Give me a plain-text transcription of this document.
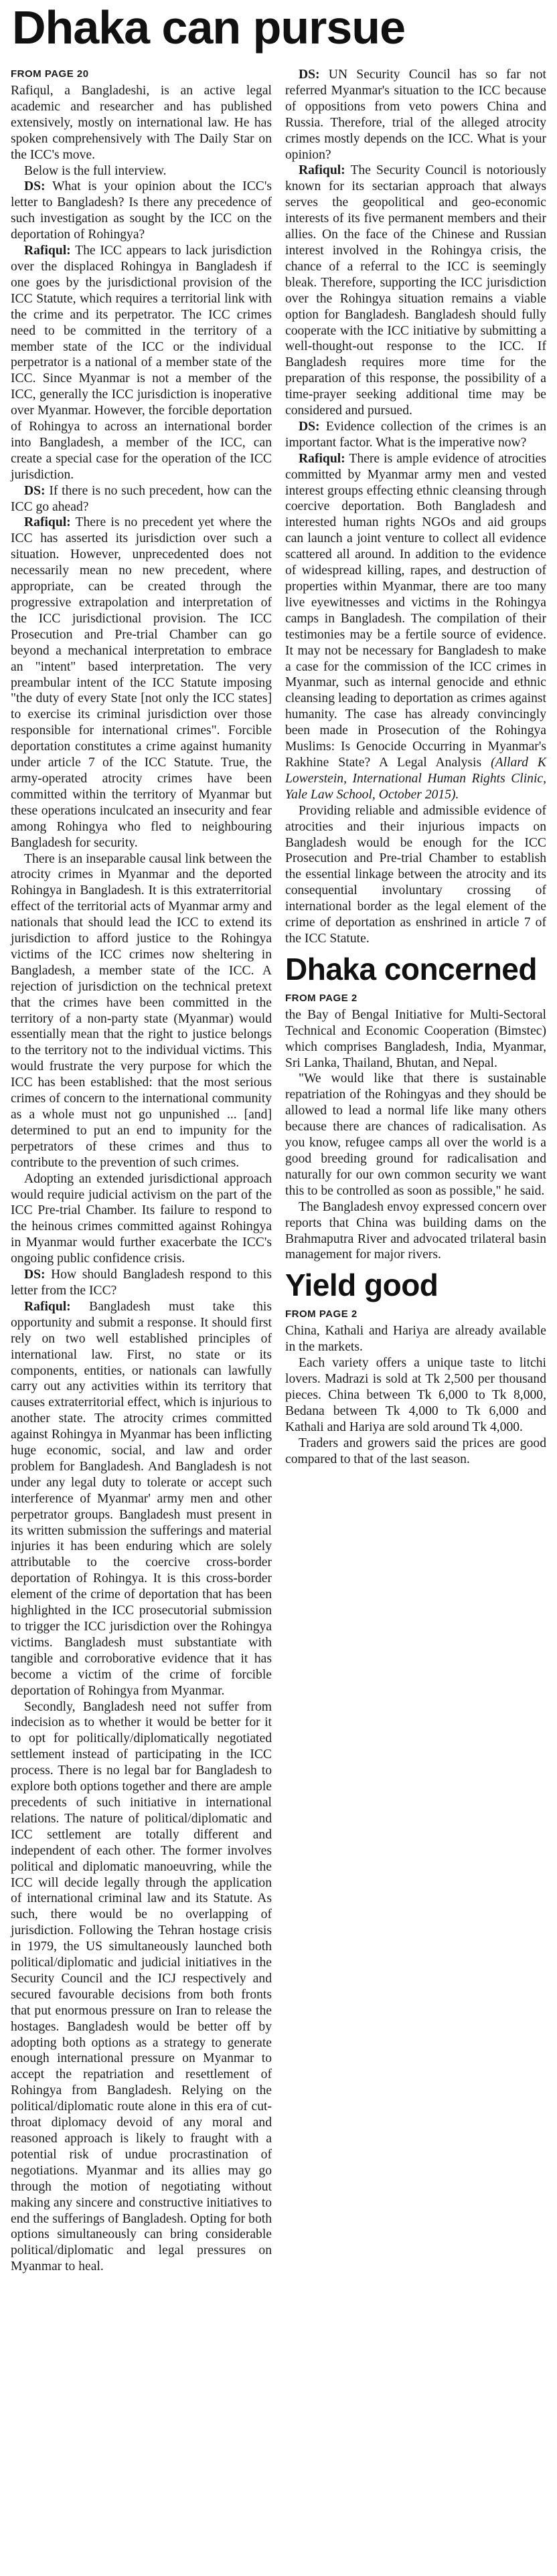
Dhaka can pursue
FROM PAGE 20

Rafiqul, a Bangladeshi, is an active legal academic and researcher and has published extensively, mostly on international law. He has spoken comprehensively with The Daily Star on the ICC's move.

Below is the full interview.

DS: What is your opinion about the ICC's letter to Bangladesh? Is there any precedence of such investigation as sought by the ICC on the deportation of Rohingya?

Rafiqul: The ICC appears to lack jurisdiction over the displaced Rohingya in Bangladesh if one goes by the jurisdictional provision of the ICC Statute, which requires a territorial link with the crime and its perpetrator. The ICC crimes need to be committed in the territory of a member state of the ICC or the individual perpetrator is a national of a member state of the ICC. Since Myanmar is not a member of the ICC, generally the ICC jurisdiction is inoperative over Myanmar. However, the forcible deportation of Rohingya to across an international border into Bangladesh, a member of the ICC, can create a special case for the operation of the ICC jurisdiction.

DS: If there is no such precedent, how can the ICC go ahead?

Rafiqul: There is no precedent yet where the ICC has asserted its jurisdiction over such a situation. However, unprecedented does not necessarily mean no new precedent, where appropriate, can be created through the progressive extrapolation and interpretation of the ICC jurisdictional provision. The ICC Prosecution and Pre-trial Chamber can go beyond a mechanical interpretation to embrace an "intent" based interpretation. The very preambular intent of the ICC Statute imposing "the duty of every State [not only the ICC states] to exercise its criminal jurisdiction over those responsible for international crimes". Forcible deportation constitutes a crime against humanity under article 7 of the ICC Statute. True, the army-operated atrocity crimes have been committed within the territory of Myanmar but these operations inculcated an insecurity and fear among Rohingya who fled to neighbouring Bangladesh for security.

There is an inseparable causal link between the atrocity crimes in Myanmar and the deported Rohingya in Bangladesh. It is this extraterritorial effect of the territorial acts of Myanmar army and nationals that should lead the ICC to extend its jurisdiction to afford justice to the Rohingya victims of the ICC crimes now sheltering in Bangladesh, a member state of the ICC. A rejection of jurisdiction on the technical pretext that the crimes have been committed in the territory of a non-party state (Myanmar) would essentially mean that the right to justice belongs to the territory not to the individual victims. This would frustrate the very purpose for which the ICC has been established: that the most serious crimes of concern to the international community as a whole must not go unpunished ... [and] determined to put an end to impunity for the perpetrators of these crimes and thus to contribute to the prevention of such crimes.

Adopting an extended jurisdictional approach would require judicial activism on the part of the ICC Pre-trial Chamber. Its failure to respond to the heinous crimes committed against Rohingya in Myanmar would further exacerbate the ICC's ongoing public confidence crisis.

DS: How should Bangladesh respond to this letter from the ICC?

Rafiqul: Bangladesh must take this opportunity and submit a response. It should first rely on two well established principles of international law. First, no state or its components, entities, or nationals can lawfully carry out any activities within its territory that causes extraterritorial effect, which is injurious to another state. The atrocity crimes committed against Rohingya in Myanmar has been inflicting huge economic, social, and law and order problem for Bangladesh. And Bangladesh is not under any legal duty to tolerate or accept such interference of Myanmar' army men and other perpetrator groups. Bangladesh must present in its written submission the sufferings and material injuries it has been enduring which are solely attributable to the coercive cross-border deportation of Rohingya. It is this cross-border element of the crime of deportation that has been highlighted in the ICC prosecutorial submission to trigger the ICC jurisdiction over the Rohingya victims. Bangladesh must substantiate with tangible and corroborative evidence that it has become a victim of the crime of forcible deportation of Rohingya from Myanmar.

Secondly, Bangladesh need not suffer from indecision as to whether it would be better for it to opt for politically/diplomatically negotiated settlement instead of participating in the ICC process. There is no legal bar for Bangladesh to explore both options together and there are ample precedents of such initiative in international relations. The nature of political/diplomatic and ICC settlement are totally different and independent of each other. The former involves political and diplomatic manoeuvring, while the ICC will decide legally through the application of international criminal law and its Statute. As such, there would be no overlapping of jurisdiction. Following the Tehran hostage crisis in 1979, the US simultaneously launched both political/diplomatic and judicial initiatives in the Security Council and the ICJ respectively and secured favourable decisions from both fronts that put enormous pressure on Iran to release the hostages. Bangladesh would be better off by adopting both options as a strategy to generate enough international pressure on Myanmar to accept the repatriation and resettlement of Rohingya from Bangladesh. Relying on the political/diplomatic route alone in this era of cut-throat diplomacy devoid of any moral and reasoned approach is likely to fraught with a potential risk of undue procrastination of negotiations. Myanmar and its allies may go through the motion of negotiating without making any sincere and constructive initiatives to end the sufferings of Bangladesh. Opting for both options simultaneously can bring considerable political/diplomatic and legal pressures on Myanmar to heal.

DS: UN Security Council has so far not referred Myanmar's situation to the ICC because of oppositions from veto powers China and Russia. Therefore, trial of the alleged atrocity crimes mostly depends on the ICC. What is your opinion?

Rafiqul: The Security Council is notoriously known for its sectarian approach that always serves the geopolitical and geo-economic interests of its five permanent members and their allies. On the face of the Chinese and Russian interest involved in the Rohingya crisis, the chance of a referral to the ICC is seemingly bleak. Therefore, supporting the ICC jurisdiction over the Rohingya situation remains a viable option for Bangladesh. Bangladesh should fully cooperate with the ICC initiative by submitting a well-thought-out response to the ICC. If Bangladesh requires more time for the preparation of this response, the possibility of a time-prayer seeking additional time may be considered and pursued.

DS: Evidence collection of the crimes is an important factor. What is the imperative now?

Rafiqul: There is ample evidence of atrocities committed by Myanmar army men and vested interest groups effecting ethnic cleansing through coercive deportation. Both Bangladesh and interested human rights NGOs and aid groups can launch a joint venture to collect all evidence scattered all around. In addition to the evidence of widespread killing, rapes, and destruction of properties within Myanmar, there are too many live eyewitnesses and victims in the Rohingya camps in Bangladesh. The compilation of their testimonies may be a fertile source of evidence. It may not be necessary for Bangladesh to make a case for the commission of the ICC crimes in Myanmar, such as internal genocide and ethnic cleansing leading to deportation as crimes against humanity. The case has already convincingly been made in Prosecution of the Rohingya Muslims: Is Genocide Occurring in Myanmar's Rakhine State? A Legal Analysis (Allard K Lowerstein, International Human Rights Clinic, Yale Law School, October 2015).

Providing reliable and admissible evidence of atrocities and their injurious impacts on Bangladesh would be enough for the ICC Prosecution and Pre-trial Chamber to establish the essential linkage between the atrocity and its consequential involuntary crossing of international border as the legal element of the crime of deportation as enshrined in article 7 of the ICC Statute.

Dhaka concerned
FROM PAGE 2

the Bay of Bengal Initiative for Multi-Sectoral Technical and Economic Cooperation (Bimstec) which comprises Bangladesh, India, Myanmar, Sri Lanka, Thailand, Bhutan, and Nepal.

"We would like that there is sustainable repatriation of the Rohingyas and they should be allowed to lead a normal life like many others because there are chances of radicalisation. As you know, refugee camps all over the world is a good breeding ground for radicalisation and naturally for our own common security we want this to be controlled as soon as possible," he said.

The Bangladesh envoy expressed concern over reports that China was building dams on the Brahmaputra River and advocated trilateral basin management for major rivers.

Yield good
FROM PAGE 2

China, Kathali and Hariya are already available in the markets.

Each variety offers a unique taste to litchi lovers. Madrazi is sold at Tk 2,500 per thousand pieces. China between Tk 6,000 to Tk 8,000, Bedana between Tk 4,000 to Tk 6,000 and Kathali and Hariya are sold around Tk 4,000.

Traders and growers said the prices are good compared to that of the last season.
